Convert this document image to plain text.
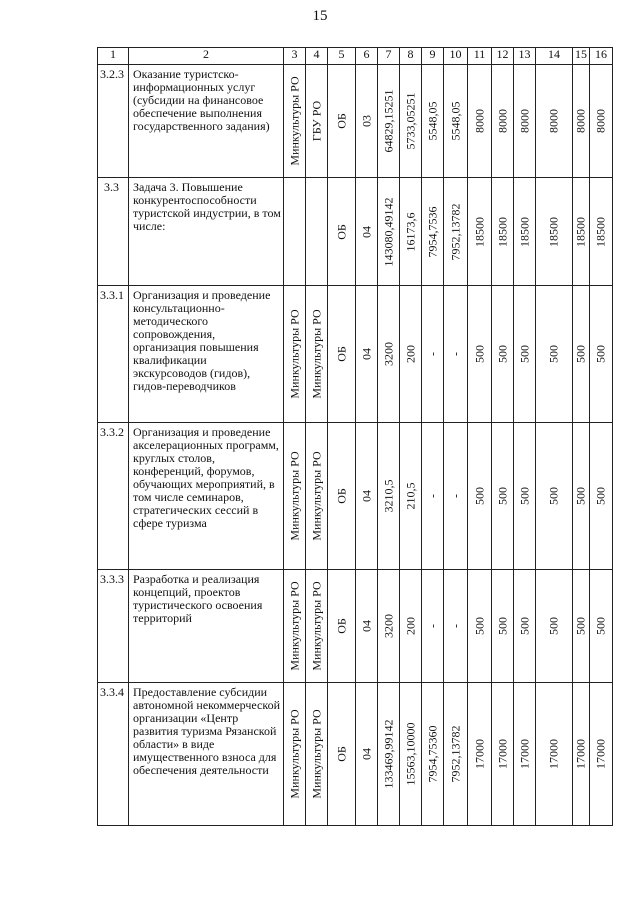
15
1	2	3	4	5	6	7	8	9	10	11	12	13	14	15	16
3.2.3	Оказание туристско-информационных услуг (субсидии на финансовое обеспечение выполнения государственного задания)	Минкультуры РО	ГБУ РО	ОБ	03	64829,15251	5733,05251	5548,05	5548,05	8000	8000	8000	8000	8000	8000

3.3	Задача 3. Повышение конкурентоспособности туристской индустрии, в том числе:			ОБ	04	143080,49142	16173,6	7954,7536	7952,13782	18500	18500	18500	18500	18500	18500

3.3.1	Организация и проведение консультационно-методического сопровождения, организация повышения квалификации экскурсоводов (гидов), гидов-переводчиков	Минкультуры РО	Минкультуры РО	ОБ	04	3200	200	-	-	500	500	500	500	500	500

3.3.2	Организация и проведение акселерационных программ, круглых столов, конференций, форумов, обучающих мероприятий, в том числе семинаров, стратегических сессий в сфере туризма	Минкультуры РО	Минкультуры РО	ОБ	04	3210,5	210,5	-	-	500	500	500	500	500	500

3.3.3	Разработка и реализация концепций, проектов туристического освоения территорий	Минкультуры РО	Минкультуры РО	ОБ	04	3200	200	-	-	500	500	500	500	500	500

3.3.4	Предоставление субсидии автономной некоммерческой организации «Центр развития туризма Рязанской области» в виде имущественного взноса для обеспечения деятельности	Минкультуры РО	Минкультуры РО	ОБ	04	133469,99142	15563,10000	7954,75360	7952,13782	17000	17000	17000	17000	17000	17000
